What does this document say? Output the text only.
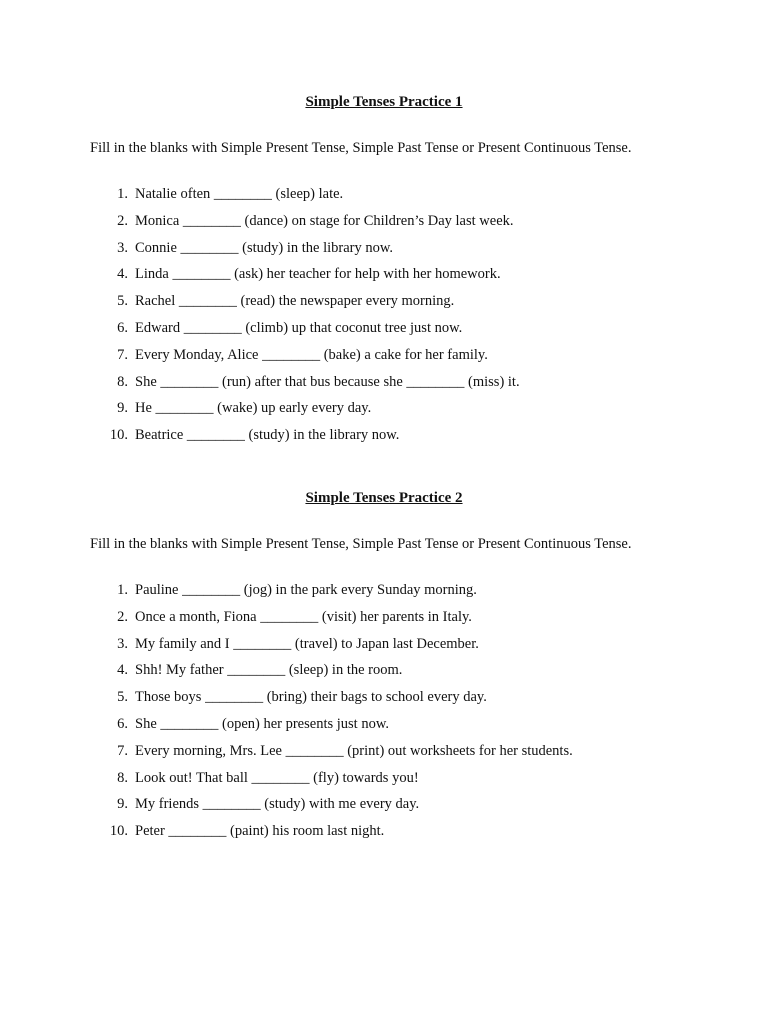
Simple Tenses Practice 1

Fill in the blanks with Simple Present Tense, Simple Past Tense or Present Continuous Tense.

1. Natalie often ________ (sleep) late.
2. Monica ________ (dance) on stage for Children’s Day last week.
3. Connie ________ (study) in the library now.
4. Linda ________ (ask) her teacher for help with her homework.
5. Rachel ________ (read) the newspaper every morning.
6. Edward ________ (climb) up that coconut tree just now.
7. Every Monday, Alice ________ (bake) a cake for her family.
8. She ________ (run) after that bus because she ________ (miss) it.
9. He ________ (wake) up early every day.
10. Beatrice ________ (study) in the library now.
Simple Tenses Practice 2

Fill in the blanks with Simple Present Tense, Simple Past Tense or Present Continuous Tense.

1. Pauline ________ (jog) in the park every Sunday morning.
2. Once a month, Fiona ________ (visit) her parents in Italy.
3. My family and I ________ (travel) to Japan last December.
4. Shh! My father ________ (sleep) in the room.
5. Those boys ________ (bring) their bags to school every day.
6. She ________ (open) her presents just now.
7. Every morning, Mrs. Lee ________ (print) out worksheets for her students.
8. Look out! That ball ________ (fly) towards you!
9. My friends ________ (study) with me every day.
10. Peter ________ (paint) his room last night.
